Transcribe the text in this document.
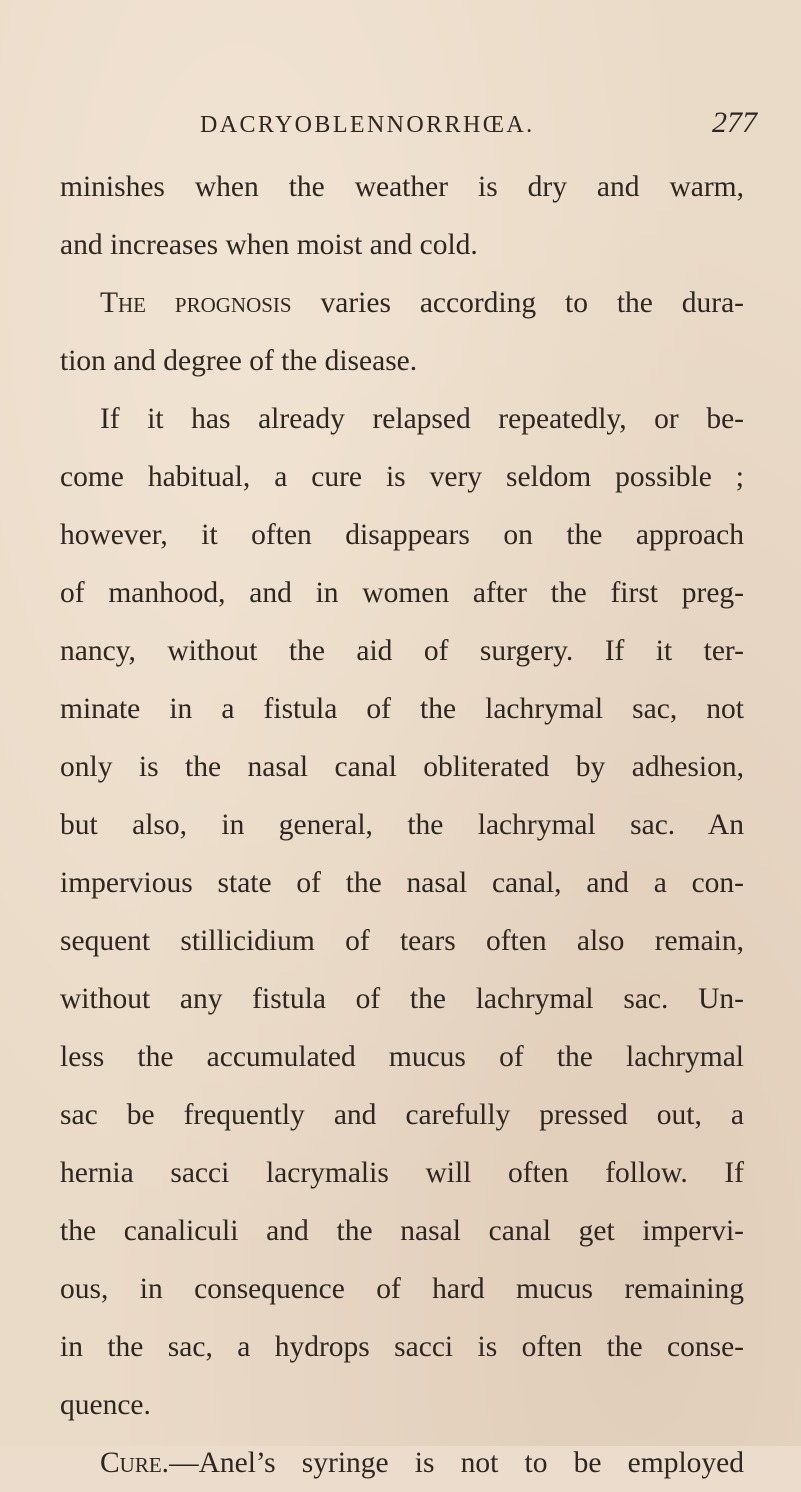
DACRYOBLENNORRHŒA.	277
minishes when the weather is dry and warm,
and increases when moist and cold.
The prognosis varies according to the dura-
tion and degree of the disease.
If it has already relapsed repeatedly, or be-
come habitual, a cure is very seldom possible ;
however, it often disappears on the approach
of manhood, and in women after the first preg-
nancy, without the aid of surgery. If it ter-
minate in a fistula of the lachrymal sac, not
only is the nasal canal obliterated by adhesion,
but also, in general, the lachrymal sac. An
impervious state of the nasal canal, and a con-
sequent stillicidium of tears often also remain,
without any fistula of the lachrymal sac. Un-
less the accumulated mucus of the lachrymal
sac be frequently and carefully pressed out, a
hernia sacci lacrymalis will often follow. If
the canaliculi and the nasal canal get impervi-
ous, in consequence of hard mucus remaining
in the sac, a hydrops sacci is often the conse-
quence.
Cure.—Anel’s syringe is not to be employed
